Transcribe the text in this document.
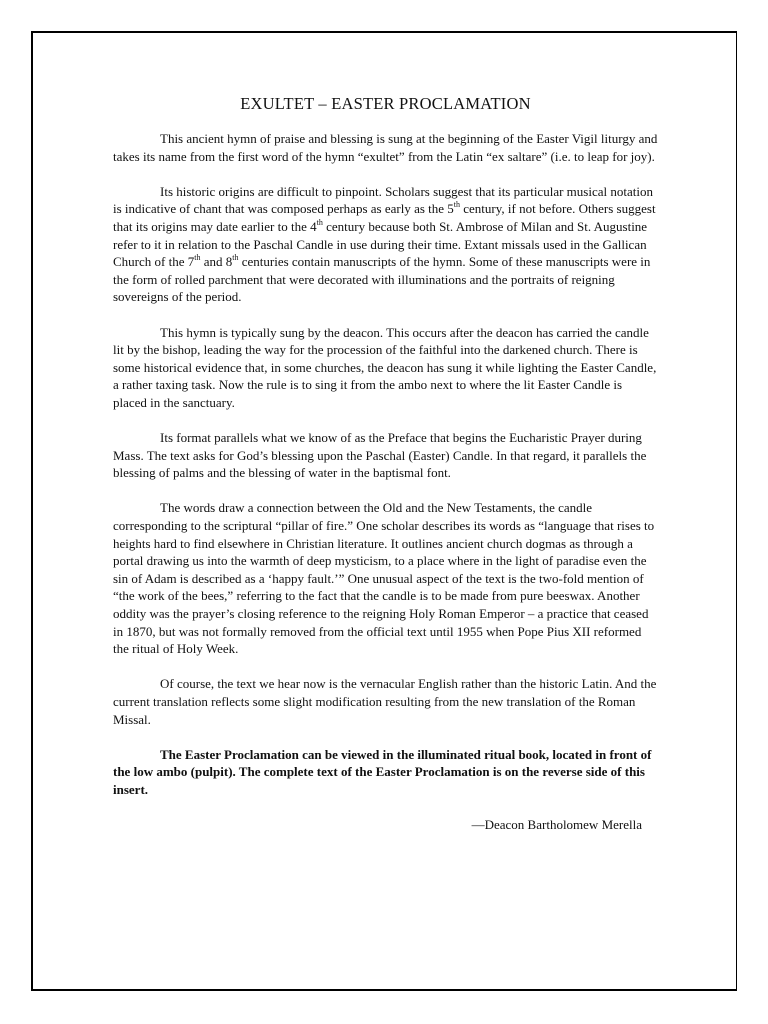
EXULTET – EASTER PROCLAMATION

This ancient hymn of praise and blessing is sung at the beginning of the Easter Vigil liturgy and takes its name from the first word of the hymn “exultet” from the Latin “ex saltare” (i.e. to leap for joy).

Its historic origins are difficult to pinpoint. Scholars suggest that its particular musical notation is indicative of chant that was composed perhaps as early as the 5th century, if not before. Others suggest that its origins may date earlier to the 4th century because both St. Ambrose of Milan and St. Augustine refer to it in relation to the Paschal Candle in use during their time. Extant missals used in the Gallican Church of the 7th and 8th centuries contain manuscripts of the hymn. Some of these manuscripts were in the form of rolled parchment that were decorated with illuminations and the portraits of reigning sovereigns of the period.

This hymn is typically sung by the deacon. This occurs after the deacon has carried the candle lit by the bishop, leading the way for the procession of the faithful into the darkened church. There is some historical evidence that, in some churches, the deacon has sung it while lighting the Easter Candle, a rather taxing task. Now the rule is to sing it from the ambo next to where the lit Easter Candle is placed in the sanctuary.

Its format parallels what we know of as the Preface that begins the Eucharistic Prayer during Mass. The text asks for God’s blessing upon the Paschal (Easter) Candle. In that regard, it parallels the blessing of palms and the blessing of water in the baptismal font.

The words draw a connection between the Old and the New Testaments, the candle corresponding to the scriptural “pillar of fire.” One scholar describes its words as “language that rises to heights hard to find elsewhere in Christian literature. It outlines ancient church dogmas as through a portal drawing us into the warmth of deep mysticism, to a place where in the light of paradise even the sin of Adam is described as a ‘happy fault.’” One unusual aspect of the text is the two-fold mention of “the work of the bees,” referring to the fact that the candle is to be made from pure beeswax. Another oddity was the prayer’s closing reference to the reigning Holy Roman Emperor – a practice that ceased in 1870, but was not formally removed from the official text until 1955 when Pope Pius XII reformed the ritual of Holy Week.

Of course, the text we hear now is the vernacular English rather than the historic Latin. And the current translation reflects some slight modification resulting from the new translation of the Roman Missal.

The Easter Proclamation can be viewed in the illuminated ritual book, located in front of the low ambo (pulpit). The complete text of the Easter Proclamation is on the reverse side of this insert.

—Deacon Bartholomew Merella
